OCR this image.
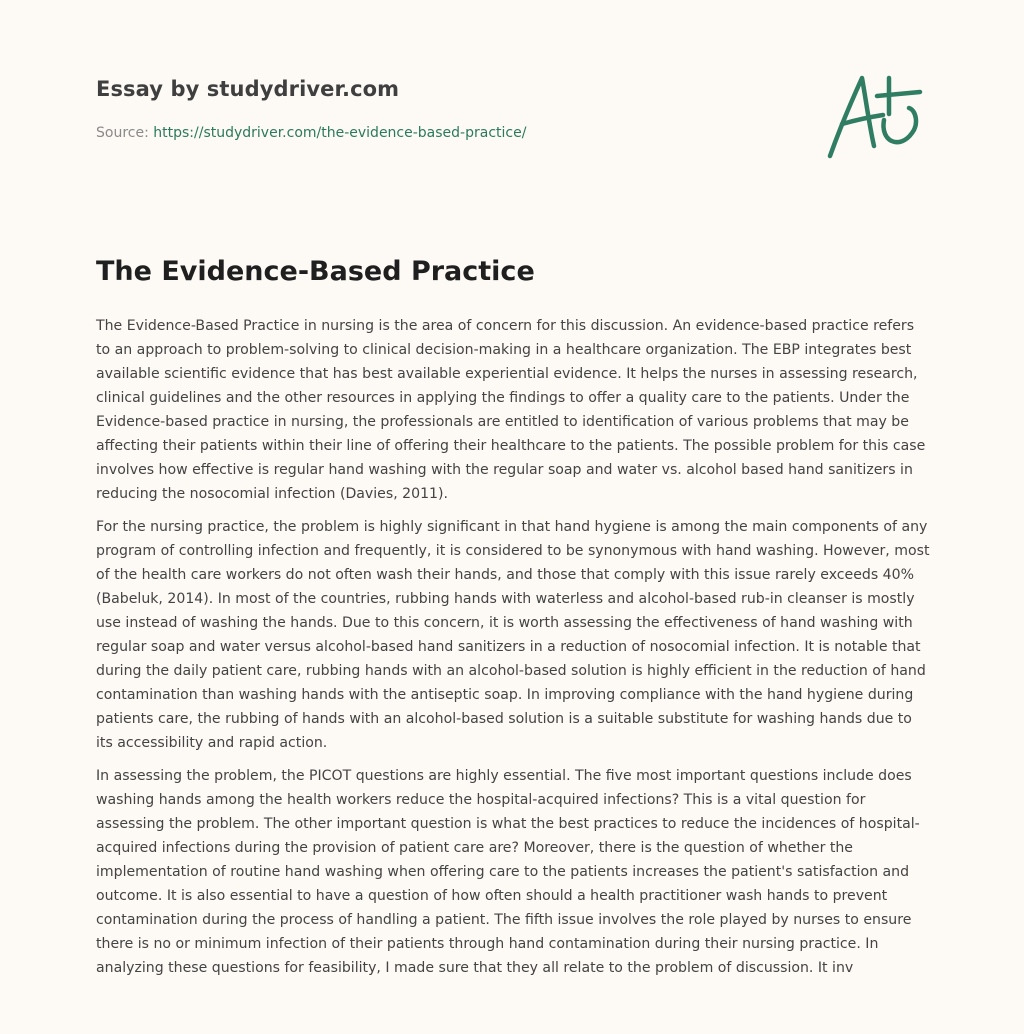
Essay by studydriver.com
Source: https://studydriver.com/the-evidence-based-practice/
The Evidence-Based Practice

The Evidence-Based Practice in nursing is the area of concern for this discussion. An evidence-based practice refers to an approach to problem-solving to clinical decision-making in a healthcare organization. The EBP integrates best available scientific evidence that has best available experiential evidence. It helps the nurses in assessing research, clinical guidelines and the other resources in applying the findings to offer a quality care to the patients. Under the Evidence-based practice in nursing, the professionals are entitled to identification of various problems that may be affecting their patients within their line of offering their healthcare to the patients. The possible problem for this case involves how effective is regular hand washing with the regular soap and water vs. alcohol based hand sanitizers in reducing the nosocomial infection (Davies, 2011).

For the nursing practice, the problem is highly significant in that hand hygiene is among the main components of any program of controlling infection and frequently, it is considered to be synonymous with hand washing. However, most of the health care workers do not often wash their hands, and those that comply with this issue rarely exceeds 40% (Babeluk, 2014). In most of the countries, rubbing hands with waterless and alcohol-based rub-in cleanser is mostly use instead of washing the hands. Due to this concern, it is worth assessing the effectiveness of hand washing with regular soap and water versus alcohol-based hand sanitizers in a reduction of nosocomial infection. It is notable that during the daily patient care, rubbing hands with an alcohol-based solution is highly efficient in the reduction of hand contamination than washing hands with the antiseptic soap. In improving compliance with the hand hygiene during patients care, the rubbing of hands with an alcohol-based solution is a suitable substitute for washing hands due to its accessibility and rapid action.

In assessing the problem, the PICOT questions are highly essential. The five most important questions include does washing hands among the health workers reduce the hospital-acquired infections? This is a vital question for assessing the problem. The other important question is what the best practices to reduce the incidences of hospital-acquired infections during the provision of patient care are? Moreover, there is the question of whether the implementation of routine hand washing when offering care to the patients increases the patient's satisfaction and outcome. It is also essential to have a question of how often should a health practitioner wash hands to prevent contamination during the process of handling a patient. The fifth issue involves the role played by nurses to ensure there is no or minimum infection of their patients through hand contamination during their nursing practice. In analyzing these questions for feasibility, I made sure that they all relate to the problem of discussion. It inv
